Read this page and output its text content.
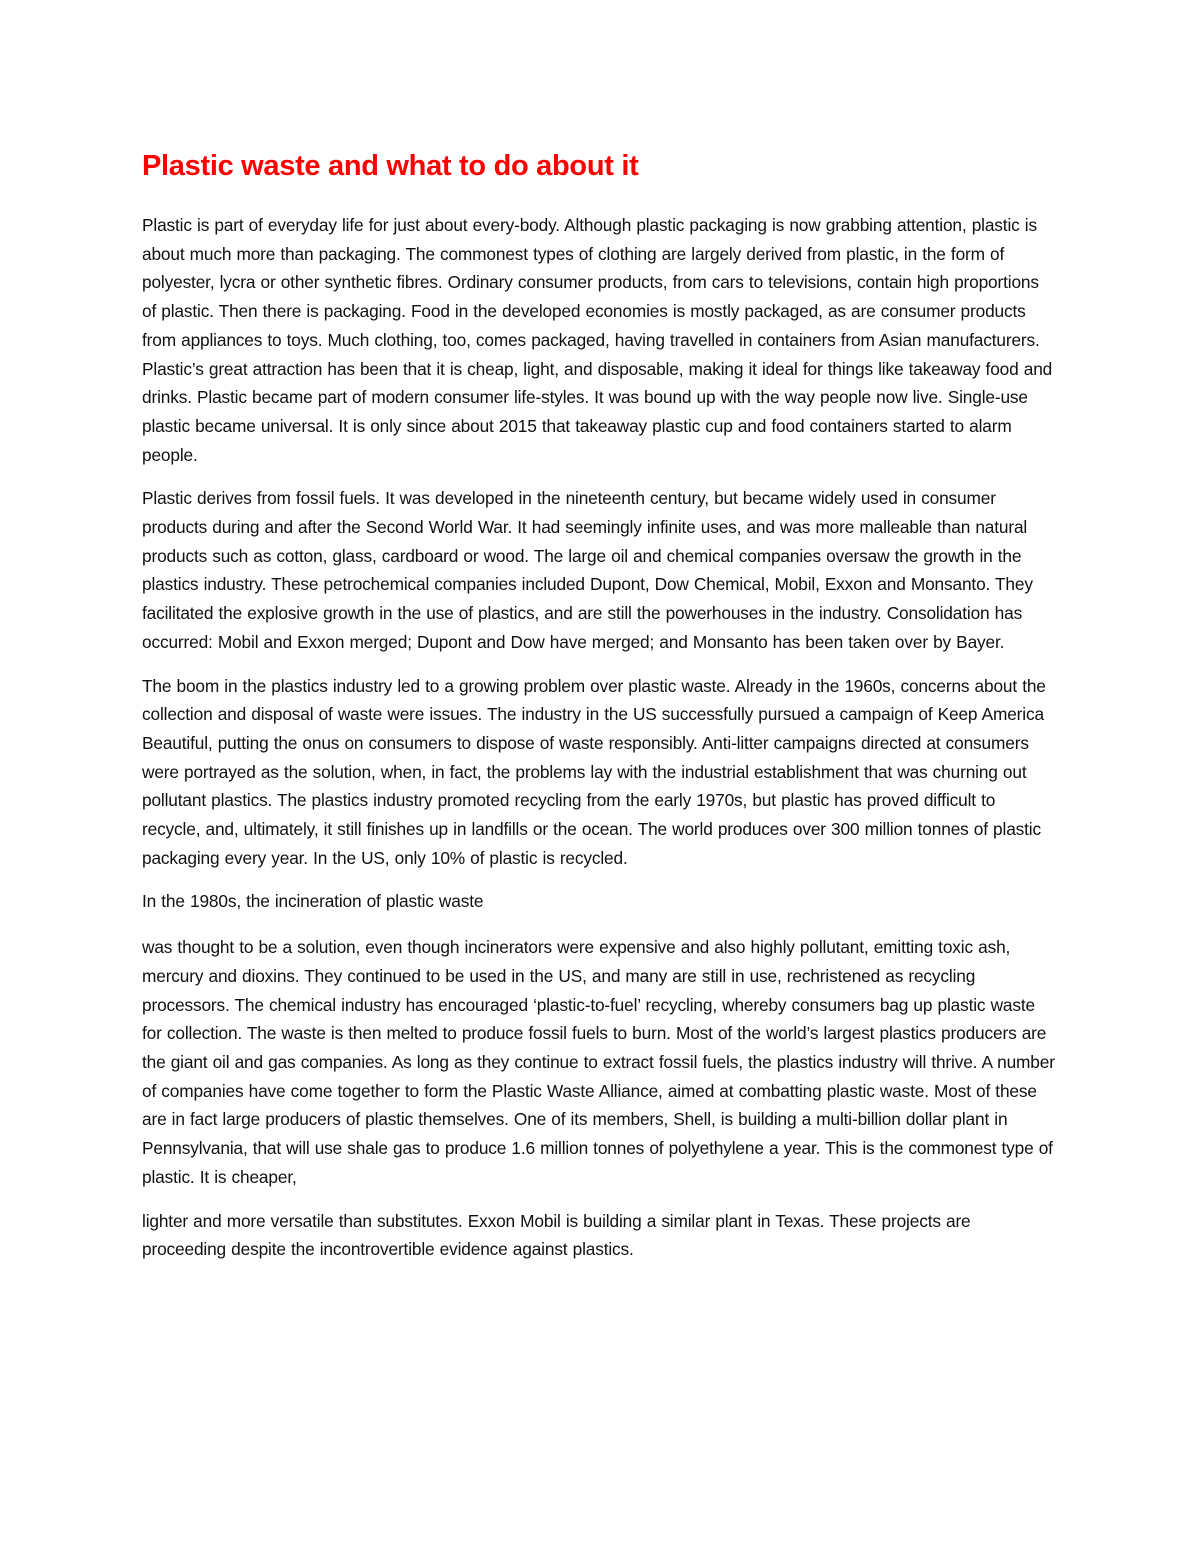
Plastic waste and what to do about it

Plastic is part of everyday life for just about every-body. Although plastic packaging is now grabbing attention, plastic is about much more than packaging. The commonest types of clothing are largely derived from plastic, in the form of polyester, lycra or other synthetic fibres. Ordinary consumer products, from cars to televisions, contain high proportions of plastic. Then there is packaging. Food in the developed economies is mostly packaged, as are consumer products from appliances to toys. Much clothing, too, comes packaged, having travelled in containers from Asian manufacturers. Plastic’s great attraction has been that it is cheap, light, and disposable, making it ideal for things like takeaway food and drinks. Plastic became part of modern consumer life-styles. It was bound up with the way people now live. Single-use plastic became universal. It is only since about 2015 that takeaway plastic cup and food containers started to alarm people.

Plastic derives from fossil fuels. It was developed in the nineteenth century, but became widely used in consumer products during and after the Second World War. It had seemingly infinite uses, and was more malleable than natural products such as cotton, glass, cardboard or wood. The large oil and chemical companies oversaw the growth in the plastics industry. These petrochemical companies included Dupont, Dow Chemical, Mobil, Exxon and Monsanto. They facilitated the explosive growth in the use of plastics, and are still the powerhouses in the industry. Consolidation has occurred: Mobil and Exxon merged; Dupont and Dow have merged; and Monsanto has been taken over by Bayer.

The boom in the plastics industry led to a growing problem over plastic waste. Already in the 1960s, concerns about the collection and disposal of waste were issues. The industry in the US successfully pursued a campaign of Keep America Beautiful, putting the onus on consumers to dispose of waste responsibly. Anti-litter campaigns directed at consumers were portrayed as the solution, when, in fact, the problems lay with the industrial establishment that was churning out pollutant plastics. The plastics industry promoted recycling from the early 1970s, but plastic has proved difficult to recycle, and, ultimately, it still finishes up in landfills or the ocean. The world produces over 300 million tonnes of plastic packaging every year. In the US, only 10% of plastic is recycled.

In the 1980s, the incineration of plastic waste

was thought to be a solution, even though incinerators were expensive and also highly pollutant, emitting toxic ash, mercury and dioxins. They continued to be used in the US, and many are still in use, rechristened as recycling processors. The chemical industry has encouraged ‘plastic-to-fuel’ recycling, whereby consumers bag up plastic waste for collection. The waste is then melted to produce fossil fuels to burn. Most of the world’s largest plastics producers are the giant oil and gas companies. As long as they continue to extract fossil fuels, the plastics industry will thrive. A number of companies have come together to form the Plastic Waste Alliance, aimed at combatting plastic waste. Most of these are in fact large producers of plastic themselves. One of its members, Shell, is building a multi-billion dollar plant in Pennsylvania, that will use shale gas to produce 1.6 million tonnes of polyethylene a year. This is the commonest type of plastic. It is cheaper,

lighter and more versatile than substitutes. Exxon Mobil is building a similar plant in Texas. These projects are proceeding despite the incontrovertible evidence against plastics.
